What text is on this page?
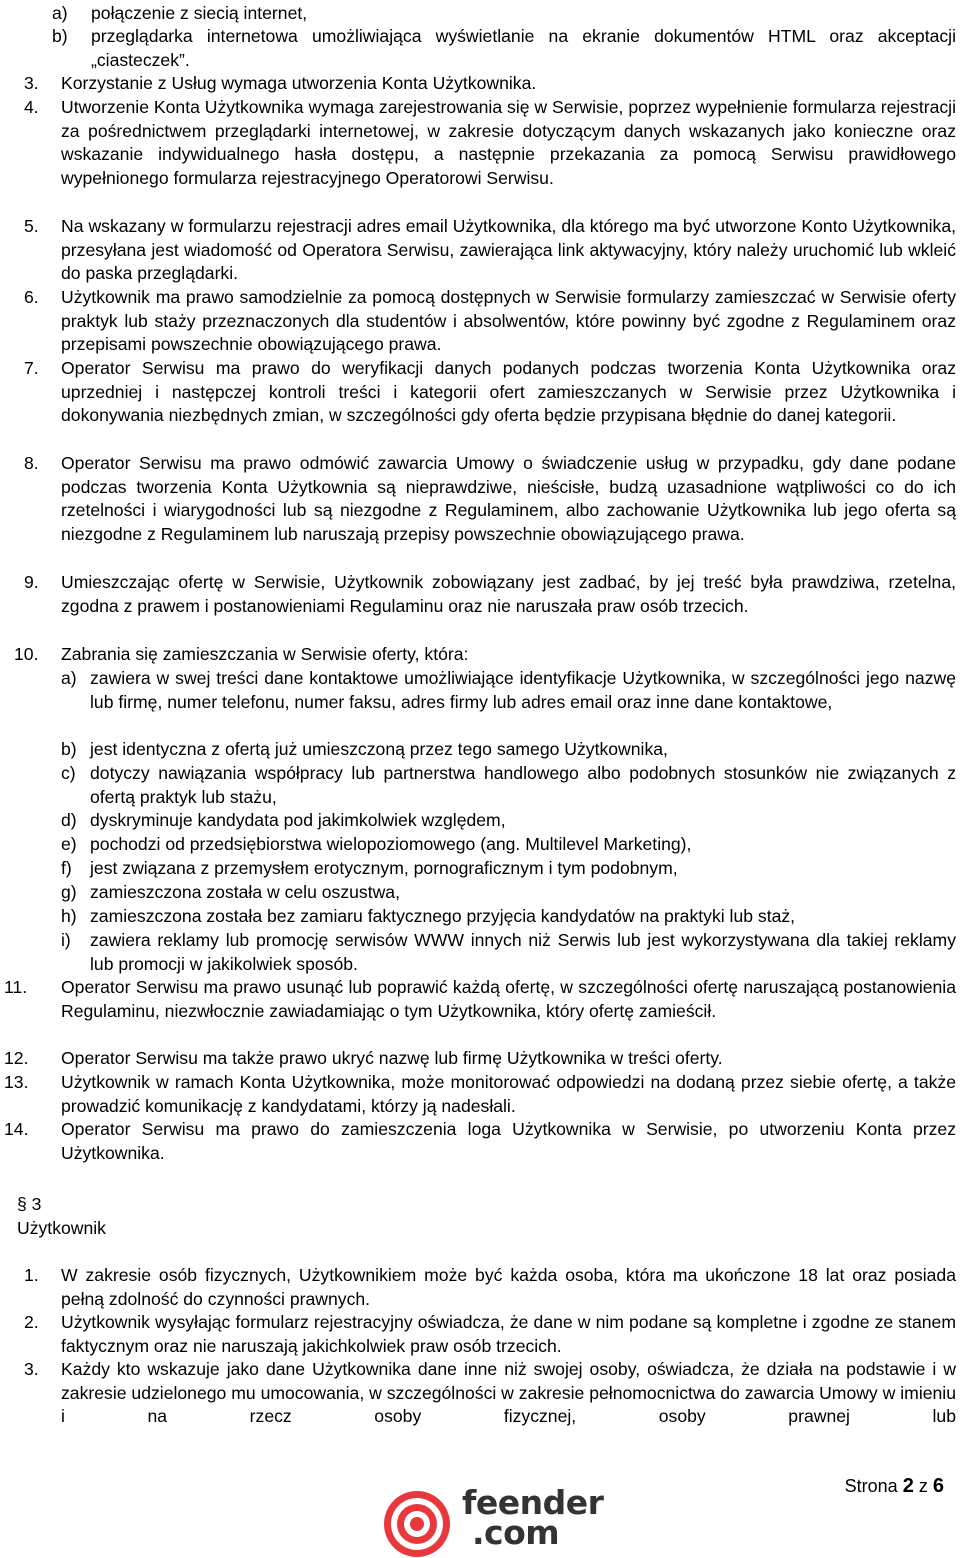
a) połączenie z siecią internet,
b) przeglądarka internetowa umożliwiająca wyświetlanie na ekranie dokumentów HTML oraz akceptacji „ciasteczek”.
3. Korzystanie z Usług wymaga utworzenia Konta Użytkownika.
4. Utworzenie Konta Użytkownika wymaga zarejestrowania się w Serwisie, poprzez wypełnienie formularza rejestracji za pośrednictwem przeglądarki internetowej, w zakresie dotyczącym danych wskazanych jako konieczne oraz wskazanie indywidualnego hasła dostępu, a następnie przekazania za pomocą Serwisu prawidłowego wypełnionego formularza rejestracyjnego Operatorowi Serwisu.
5. Na wskazany w formularzu rejestracji adres email Użytkownika, dla którego ma być utworzone Konto Użytkownika, przesyłana jest wiadomość od Operatora Serwisu, zawierająca link aktywacyjny, który należy uruchomić lub wkleić do paska przeglądarki.
6. Użytkownik ma prawo samodzielnie za pomocą dostępnych w Serwisie formularzy zamieszczać w Serwisie oferty praktyk lub staży przeznaczonych dla studentów i absolwentów, które powinny być zgodne z Regulaminem oraz przepisami powszechnie obowiązującego prawa.
7. Operator Serwisu ma prawo do weryfikacji danych podanych podczas tworzenia Konta Użytkownika oraz uprzedniej i następczej kontroli treści i kategorii ofert zamieszczanych w Serwisie przez Użytkownika i dokonywania niezbędnych zmian, w szczególności gdy oferta będzie przypisana błędnie do danej kategorii.
8. Operator Serwisu ma prawo odmówić zawarcia Umowy o świadczenie usług w przypadku, gdy dane podane podczas tworzenia Konta Użytkownia są nieprawdziwe, nieścisłe, budzą uzasadnione wątpliwości co do ich rzetelności i wiarygodności lub są niezgodne z Regulaminem, albo zachowanie Użytkownika lub jego oferta są niezgodne z Regulaminem lub naruszają przepisy powszechnie obowiązującego prawa.
9. Umieszczając ofertę w Serwisie, Użytkownik zobowiązany jest zadbać, by jej treść była prawdziwa, rzetelna, zgodna z prawem i postanowieniami Regulaminu oraz nie naruszała praw osób trzecich.
10. Zabrania się zamieszczania w Serwisie oferty, która:
a) zawiera w swej treści dane kontaktowe umożliwiające identyfikacje Użytkownika, w szczególności jego nazwę lub firmę, numer telefonu, numer faksu, adres firmy lub adres email oraz inne dane kontaktowe,
b) jest identyczna z ofertą już umieszczoną przez tego samego Użytkownika,
c) dotyczy nawiązania współpracy lub partnerstwa handlowego albo podobnych stosunków nie związanych z ofertą praktyk lub stażu,
d) dyskryminuje kandydata pod jakimkolwiek względem,
e) pochodzi od przedsiębiorstwa wielopoziomowego (ang. Multilevel Marketing),
f) jest związana z przemysłem erotycznym, pornograficznym i tym podobnym,
g) zamieszczona została w celu oszustwa,
h) zamieszczona została bez zamiaru faktycznego przyjęcia kandydatów na praktyki lub staż,
i) zawiera reklamy lub promocję serwisów WWW innych niż Serwis lub jest wykorzystywana dla takiej reklamy lub promocji w jakikolwiek sposób.
11. Operator Serwisu ma prawo usunąć lub poprawić każdą ofertę, w szczególności ofertę naruszającą postanowienia Regulaminu, niezwłocznie zawiadamiając o tym Użytkownika, który ofertę zamieścił.
12. Operator Serwisu ma także prawo ukryć nazwę lub firmę Użytkownika w treści oferty.
13. Użytkownik w ramach Konta Użytkownika, może monitorować odpowiedzi na dodaną przez siebie ofertę, a także prowadzić komunikację z kandydatami, którzy ją nadesłali.
14. Operator Serwisu ma prawo do zamieszczenia loga Użytkownika w Serwisie, po utworzeniu Konta przez Użytkownika.
§ 3
Użytkownik
1. W zakresie osób fizycznych, Użytkownikiem może być każda osoba, która ma ukończone 18 lat oraz posiada pełną zdolność do czynności prawnych.
2. Użytkownik wysyłając formularz rejestracyjny oświadcza, że dane w nim podane są kompletne i zgodne ze stanem faktycznym oraz nie naruszają jakichkolwiek praw osób trzecich.
3. Każdy kto wskazuje jako dane Użytkownika dane inne niż swojej osoby, oświadcza, że działa na podstawie i w zakresie udzielonego mu umocowania, w szczególności w zakresie pełnomocnictwa do zawarcia Umowy w imieniu i na rzecz osoby fizycznej, osoby prawnej lub
Strona 2 z 6
feender
.com
